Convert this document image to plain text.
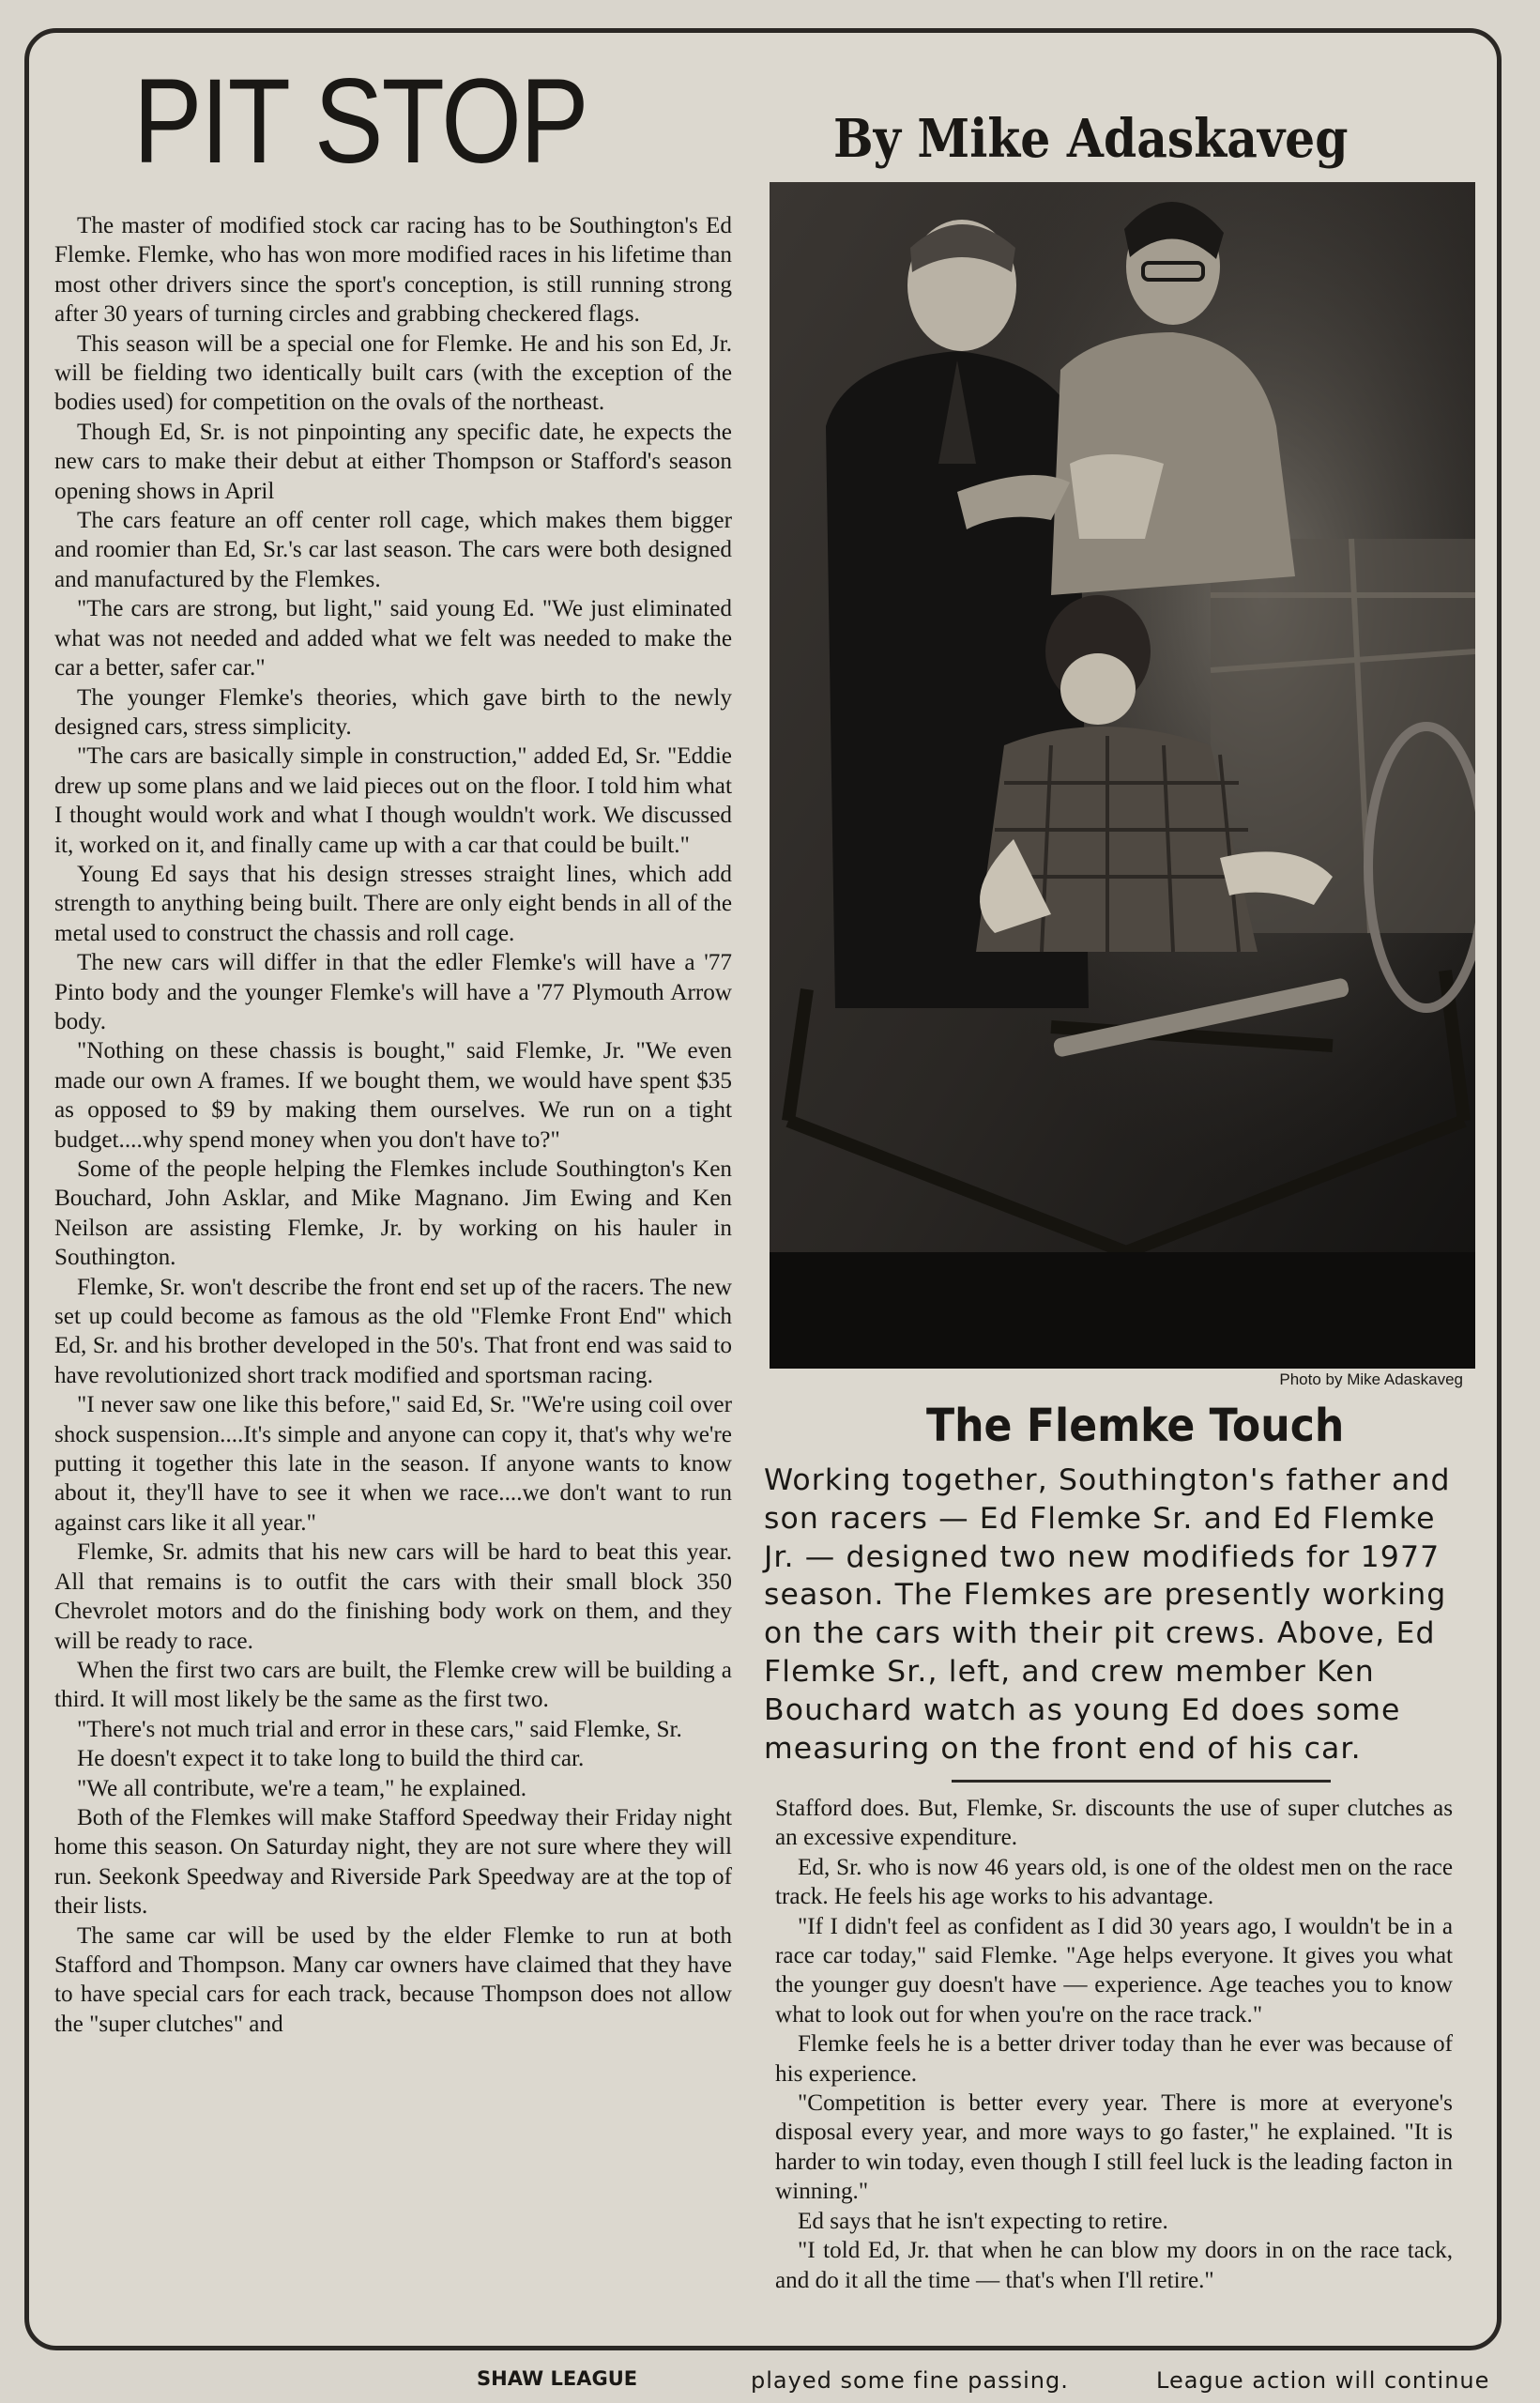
PIT STOP	By Mike Adaskaveg

The master of modified stock car racing has to be Southington's Ed Flemke. Flemke, who has won more modified races in his lifetime than most other drivers since the sport's conception, is still running strong after 30 years of turning circles and grabbing checkered flags.

This season will be a special one for Flemke. He and his son Ed, Jr. will be fielding two identically built cars (with the exception of the bodies used) for competition on the ovals of the northeast.

Though Ed, Sr. is not pinpointing any specific date, he expects the new cars to make their debut at either Thompson or Stafford's season opening shows in April

The cars feature an off center roll cage, which makes them bigger and roomier than Ed, Sr.'s car last season. The cars were both designed and manufactured by the Flemkes.

"The cars are strong, but light," said young Ed. "We just eliminated what was not needed and added what we felt was needed to make the car a better, safer car."

The younger Flemke's theories, which gave birth to the newly designed cars, stress simplicity.

"The cars are basically simple in construction," added Ed, Sr. "Eddie drew up some plans and we laid pieces out on the floor. I told him what I thought would work and what I though wouldn't work. We discussed it, worked on it, and finally came up with a car that could be built."

Young Ed says that his design stresses straight lines, which add strength to anything being built. There are only eight bends in all of the metal used to construct the chassis and roll cage.

The new cars will differ in that the edler Flemke's will have a '77 Pinto body and the younger Flemke's will have a '77 Plymouth Arrow body.

"Nothing on these chassis is bought," said Flemke, Jr. "We even made our own A frames. If we bought them, we would have spent $35 as opposed to $9 by making them ourselves. We run on a tight budget....why spend money when you don't have to?"

Some of the people helping the Flemkes include Southington's Ken Bouchard, John Asklar, and Mike Magnano. Jim Ewing and Ken Neilson are assisting Flemke, Jr. by working on his hauler in Southington.

Flemke, Sr. won't describe the front end set up of the racers. The new set up could become as famous as the old "Flemke Front End" which Ed, Sr. and his brother developed in the 50's. That front end was said to have revolutionized short track modified and sportsman racing.

"I never saw one like this before," said Ed, Sr. "We're using coil over shock suspension....It's simple and anyone can copy it, that's why we're putting it together this late in the season. If anyone wants to know about it, they'll have to see it when we race....we don't want to run against cars like it all year."

Flemke, Sr. admits that his new cars will be hard to beat this year. All that remains is to outfit the cars with their small block 350 Chevrolet motors and do the finishing body work on them, and they will be ready to race.

When the first two cars are built, the Flemke crew will be building a third. It will most likely be the same as the first two.

"There's not much trial and error in these cars," said Flemke, Sr.

He doesn't expect it to take long to build the third car.

"We all contribute, we're a team," he explained.

Both of the Flemkes will make Stafford Speedway their Friday night home this season. On Saturday night, they are not sure where they will run. Seekonk Speedway and Riverside Park Speedway are at the top of their lists.

The same car will be used by the elder Flemke to run at both Stafford and Thompson. Many car owners have claimed that they have to have special cars for each track, because Thompson does not allow the "super clutches" and

Photo by Mike Adaskaveg

The Flemke Touch

Working together, Southington's father and son racers — Ed Flemke Sr. and Ed Flemke Jr. — designed two new modifieds for 1977 season. The Flemkes are presently working on the cars with their pit crews. Above, Ed Flemke Sr., left, and crew member Ken Bouchard watch as young Ed does some measuring on the front end of his car.

Stafford does. But, Flemke, Sr. discounts the use of super clutches as an excessive expenditure.

Ed, Sr. who is now 46 years old, is one of the oldest men on the race track. He feels his age works to his advantage.

"If I didn't feel as confident as I did 30 years ago, I wouldn't be in a race car today," said Flemke. "Age helps everyone. It gives you what the younger guy doesn't have — experience. Age teaches you to know what to look out for when you're on the race track."

Flemke feels he is a better driver today than he ever was because of his experience.

"Competition is better every year. There is more at everyone's disposal every year, and more ways to go faster," he explained. "It is harder to win today, even though I still feel luck is the leading facton in winning."

Ed says that he isn't expecting to retire.

"I told Ed, Jr. that when he can blow my doors in on the race tack, and do it all the time — that's when I'll retire."

SHAW LEAGUE	played some fine passing.	League action will continue
